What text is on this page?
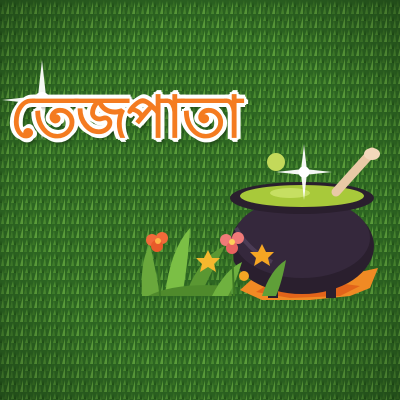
তেজপাতা
